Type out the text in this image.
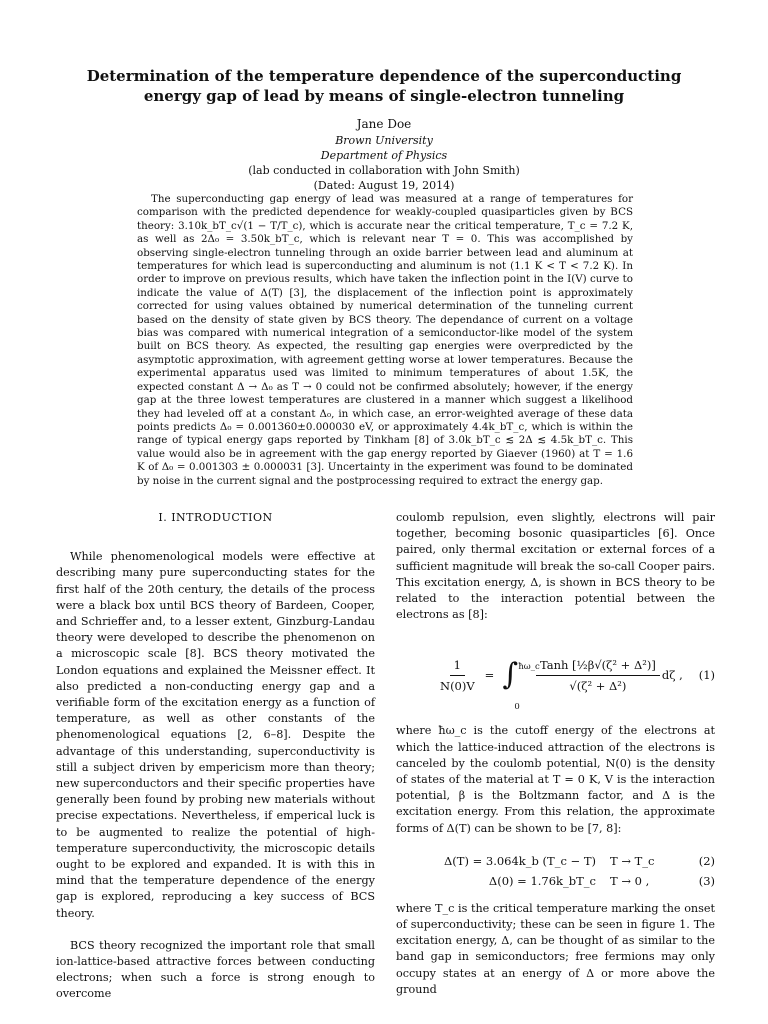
Determination of the temperature dependence of the superconducting energy gap of lead by means of single-electron tunneling
Jane Doe
Brown University
Department of Physics
(lab conducted in collaboration with John Smith)
(Dated: August 19, 2014)
The superconducting gap energy of lead was measured at a range of temperatures for comparison with the predicted dependence for weakly-coupled quasiparticles given by BCS theory: 3.10k_bT_c√(1 − T/T_c), which is accurate near the critical temperature, T_c = 7.2 K, as well as 2Δ₀ = 3.50k_bT_c, which is relevant near T = 0. This was accomplished by observing single-electron tunneling through an oxide barrier between lead and aluminum at temperatures for which lead is superconducting and aluminum is not (1.1 K < T < 7.2 K). In order to improve on previous results, which have taken the inflection point in the I(V) curve to indicate the value of Δ(T) [3], the displacement of the inflection point is approximately corrected for using values obtained by numerical determination of the tunneling current based on the density of state given by BCS theory. The dependance of current on a voltage bias was compared with numerical integration of a semiconductor-like model of the system built on BCS theory. As expected, the resulting gap energies were overpredicted by the asymptotic approximation, with agreement getting worse at lower temperatures. Because the experimental apparatus used was limited to minimum temperatures of about 1.5K, the expected constant Δ → Δ₀ as T → 0 could not be confirmed absolutely; however, if the energy gap at the three lowest temperatures are clustered in a manner which suggest a likelihood they had leveled off at a constant Δ₀, in which case, an error-weighted average of these data points predicts Δ₀ = 0.001360±0.000030 eV, or approximately 4.4k_bT_c, which is within the range of typical energy gaps reported by Tinkham [8] of 3.0k_bT_c ≲ 2Δ ≲ 4.5k_bT_c. This value would also be in agreement with the gap energy reported by Giaever (1960) at T = 1.6 K of Δ₀ = 0.001303 ± 0.000031 [3]. Uncertainty in the experiment was found to be dominated by noise in the current signal and the postprocessing required to extract the energy gap.
I. INTRODUCTION

While phenomenological models were effective at describing many pure superconducting states for the first half of the 20th century, the details of the process were a black box until BCS theory of Bardeen, Cooper, and Schrieffer and, to a lesser extent, Ginzburg-Landau theory were developed to describe the phenomenon on a microscopic scale [8]. BCS theory motivated the London equations and explained the Meissner effect. It also predicted a non-conducting energy gap and a verifiable form of the excitation energy as a function of temperature, as well as other constants of the phenomenological equations [2, 6–8]. Despite the advantage of this understanding, superconductivity is still a subject driven by empericism more than theory; new superconductors and their specific properties have generally been found by probing new materials without precise expectations. Nevertheless, if emperical luck is to be augmented to realize the potential of high-temperature superconductivity, the microscopic details ought to be explored and expanded. It is with this in mind that the temperature dependence of the energy gap is explored, reproducing a key success of BCS theory.

BCS theory recognized the important role that small ion-lattice-based attractive forces between conducting electrons; when such a force is strong enough to overcome

coulomb repulsion, even slightly, electrons will pair together, becoming bosonic quasiparticles [6]. Once paired, only thermal excitation or external forces of a sufficient magnitude will break the so-call Cooper pairs. This excitation energy, Δ, is shown in BCS theory to be related to the interaction potential between the electrons as [8]:

$\frac{1}{N(0)V}$ = ∫ ħω_c
0
$\frac{\text{Tanh [½β√(ζ² + Δ²)]}}{\text{√(ζ² + Δ²)}}$ dζ , (1)

where ħω_c is the cutoff energy of the electrons at which the lattice-induced attraction of the electrons is canceled by the coulomb potential, N(0) is the density of states of the material at T = 0 K, V is the interaction potential, β is the Boltzmann factor, and Δ is the excitation energy. From this relation, the approximate forms of Δ(T) can be shown to be [7, 8]:

Δ(T) = 3.064k_b (T_c − T)	T → T_c	(2)
Δ(0) = 1.76k_bT_c	T → 0 ,	(3)

where T_c is the critical temperature marking the onset of superconductivity; these can be seen in figure 1. The excitation energy, Δ, can be thought of as similar to the band gap in semiconductors; free fermions may only occupy states at an energy of Δ or more above the ground
